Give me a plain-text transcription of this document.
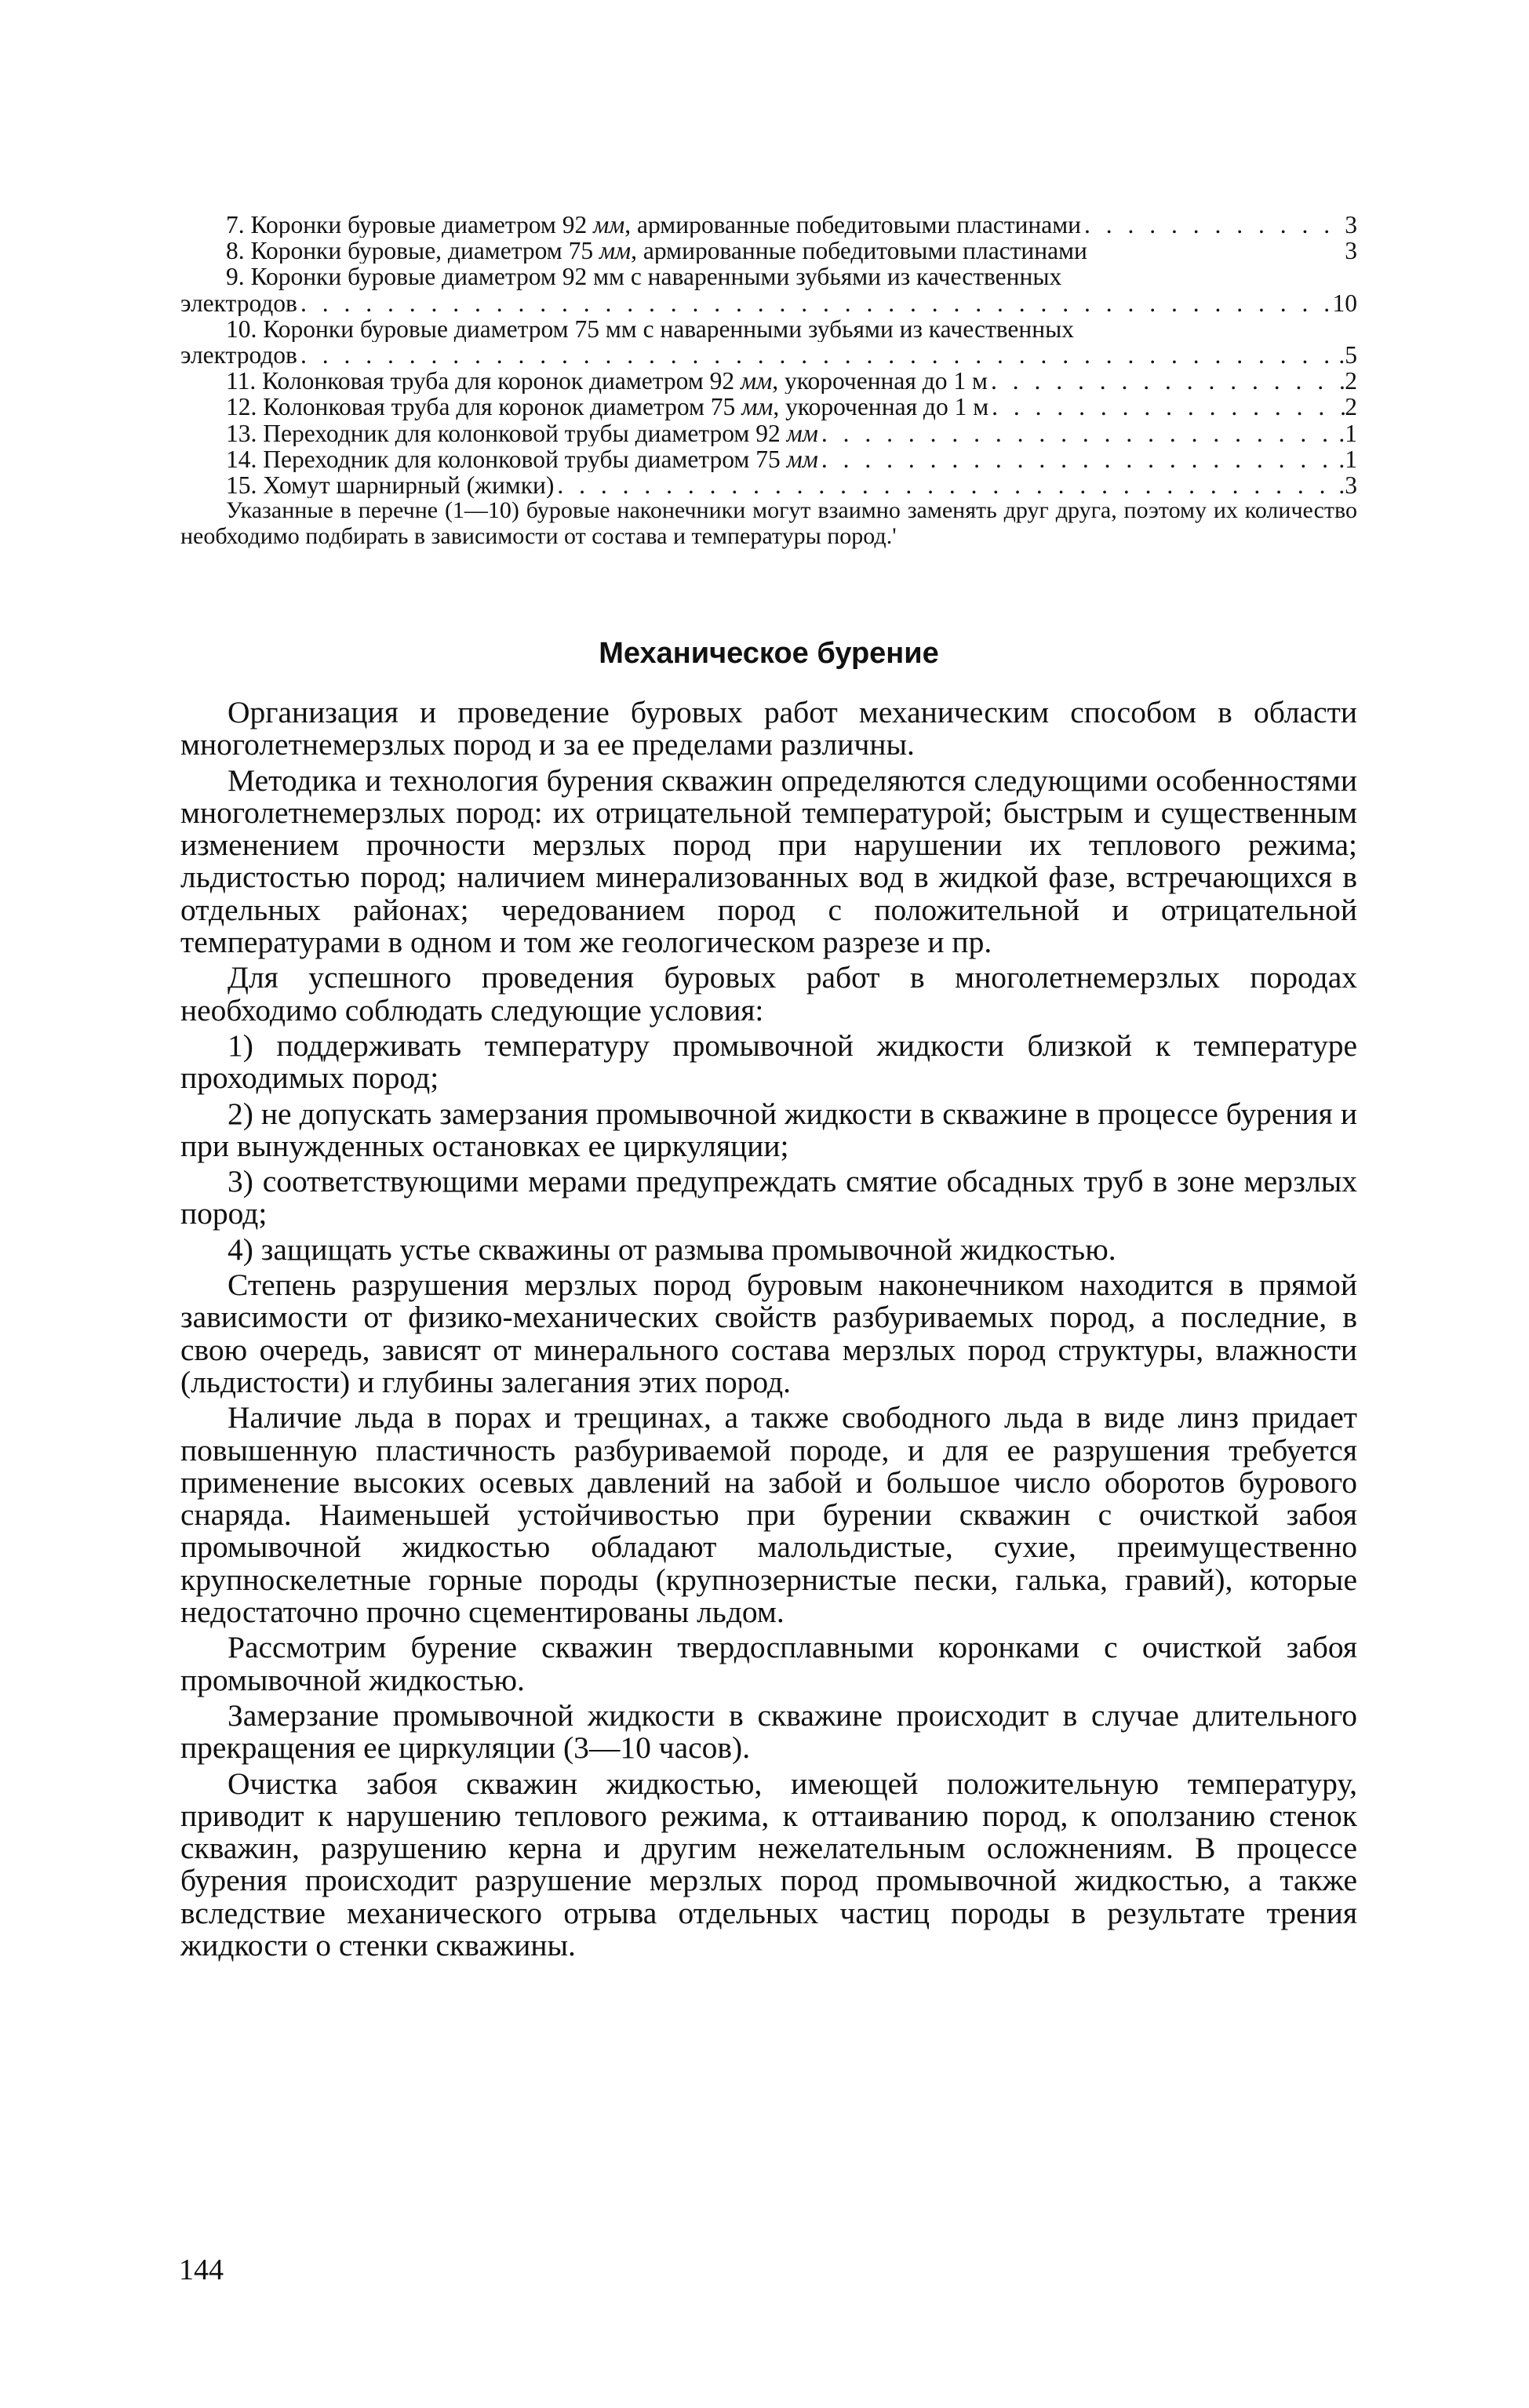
7. Коронки буровые диаметром 92 мм, армированные победитовыми пластинами . . .	3
8. Коронки буровые, диаметром 75 мм, армированные победитовыми пластинами	3
9. Коронки буровые диаметром 92 мм с наваренными зубьями из качественных
электродов . . .	10
10. Коронки буровые диаметром 75 мм с наваренными зубьями из качественных
электродов . . .	.5
11. Колонковая труба для коронок диаметром 92 мм, укороченная до 1 м . . .	2
12. Колонковая труба для коронок диаметром 75 мм, укороченная до 1 м . . .	2
13. Переходник для колонковой трубы диаметром 92 мм . . .	.1
14. Переходник для колонковой трубы диаметром 75 мм . . .	.1
15. Хомут шарнирный (жимки) . . .	.3
Указанные в перечне (1—10) буровые наконечники могут взаимно заменять друг друга, поэтому их количество необходимо подбирать в зависимости от состава и температуры пород.'
Механическое бурение

Организация и проведение буровых работ механическим способом в области многолетнемерзлых пород и за ее пределами различны.

Методика и технология бурения скважин определяются следующими особенностями многолетнемерзлых пород: их отрицательной температурой; быстрым и существенным изменением прочности мерзлых пород при нарушении их теплового режима; льдистостью пород; наличием минерализованных вод в жидкой фазе, встречающихся в отдельных районах; чередованием пород с положительной и отрицательной температурами в одном и том же геологическом разрезе и пр.

Для успешного проведения буровых работ в многолетнемерзлых породах необходимо соблюдать следующие условия:

1) поддерживать температуру промывочной жидкости близкой к температуре проходимых пород;

2) не допускать замерзания промывочной жидкости в скважине в процессе бурения и при вынужденных остановках ее циркуляции;

3) соответствующими мерами предупреждать смятие обсадных труб в зоне мерзлых пород;

4) защищать устье скважины от размыва промывочной жидкостью.

Степень разрушения мерзлых пород буровым наконечником находится в прямой зависимости от физико-механических свойств разбуриваемых пород, а последние, в свою очередь, зависят от минерального состава мерзлых пород структуры, влажности (льдистости) и глубины залегания этих пород.

Наличие льда в порах и трещинах, а также свободного льда в виде линз придает повышенную пластичность разбуриваемой породе, и для ее разрушения требуется применение высоких осевых давлений на забой и большое число оборотов бурового снаряда. Наименьшей устойчивостью при бурении скважин с очисткой забоя промывочной жидкостью обладают малольдистые, сухие, преимущественно крупноскелетные горные породы (крупнозернистые пески, галька, гравий), которые недостаточно прочно сцементированы льдом.

Рассмотрим бурение скважин твердосплавными коронками с очисткой забоя промывочной жидкостью.

Замерзание промывочной жидкости в скважине происходит в случае длительного прекращения ее циркуляции (3—10 часов).

Очистка забоя скважин жидкостью, имеющей положительную температуру, приводит к нарушению теплового режима, к оттаиванию пород, к оползанию стенок скважин, разрушению керна и другим нежелательным осложнениям. В процессе бурения происходит разрушение мерзлых пород промывочной жидкостью, а также вследствие механического отрыва отдельных частиц породы в результате трения жидкости о стенки скважины.

144
